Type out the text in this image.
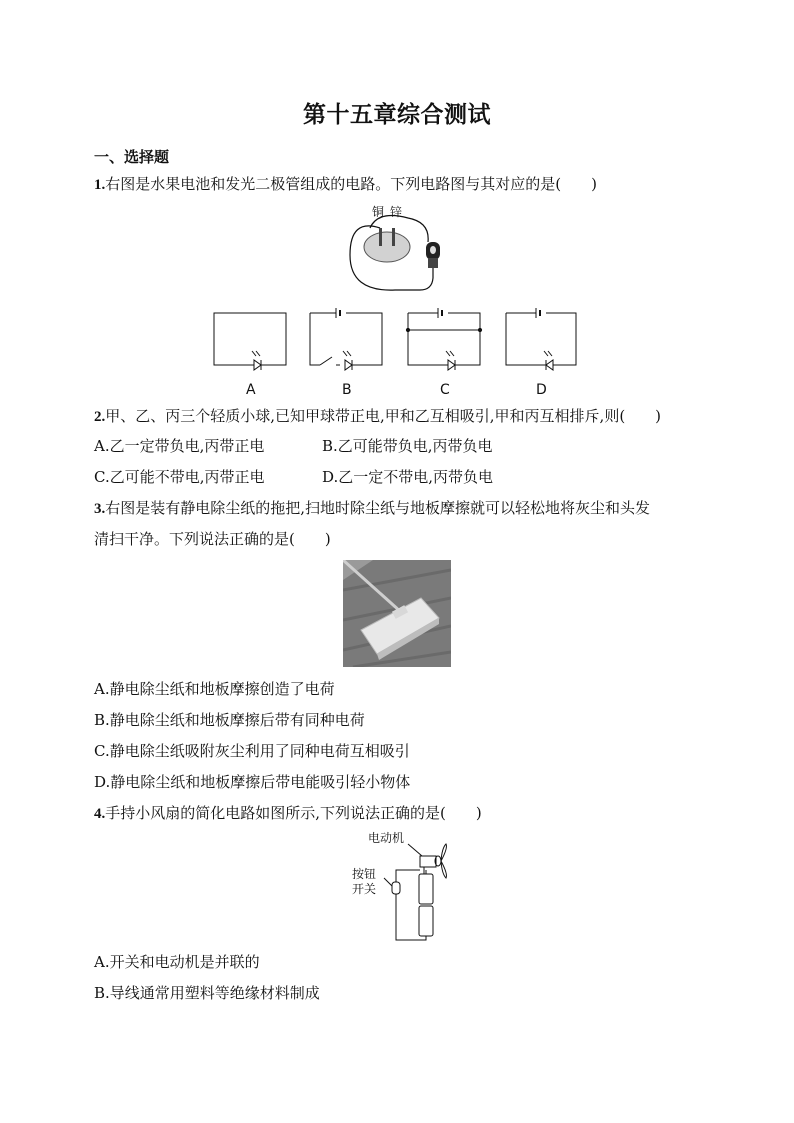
第十五章综合测试
一、选择题
1.右图是水果电池和发光二极管组成的电路。下列电路图与其对应的是(　　)
铜 锌
A	B	C	D
2.甲、乙、丙三个轻质小球,已知甲球带正电,甲和乙互相吸引,甲和丙互相排斥,则(　　)
A.乙一定带负电,丙带正电	B.乙可能带负电,丙带负电
C.乙可能不带电,丙带正电	D.乙一定不带电,丙带负电
3.右图是装有静电除尘纸的拖把,扫地时除尘纸与地板摩擦就可以轻松地将灰尘和头发
清扫干净。下列说法正确的是(　　)
A.静电除尘纸和地板摩擦创造了电荷
B.静电除尘纸和地板摩擦后带有同种电荷
C.静电除尘纸吸附灰尘利用了同种电荷互相吸引
D.静电除尘纸和地板摩擦后带电能吸引轻小物体
4.手持小风扇的简化电路如图所示,下列说法正确的是(　　)
电动机
按钮
开关
A.开关和电动机是并联的
B.导线通常用塑料等绝缘材料制成
